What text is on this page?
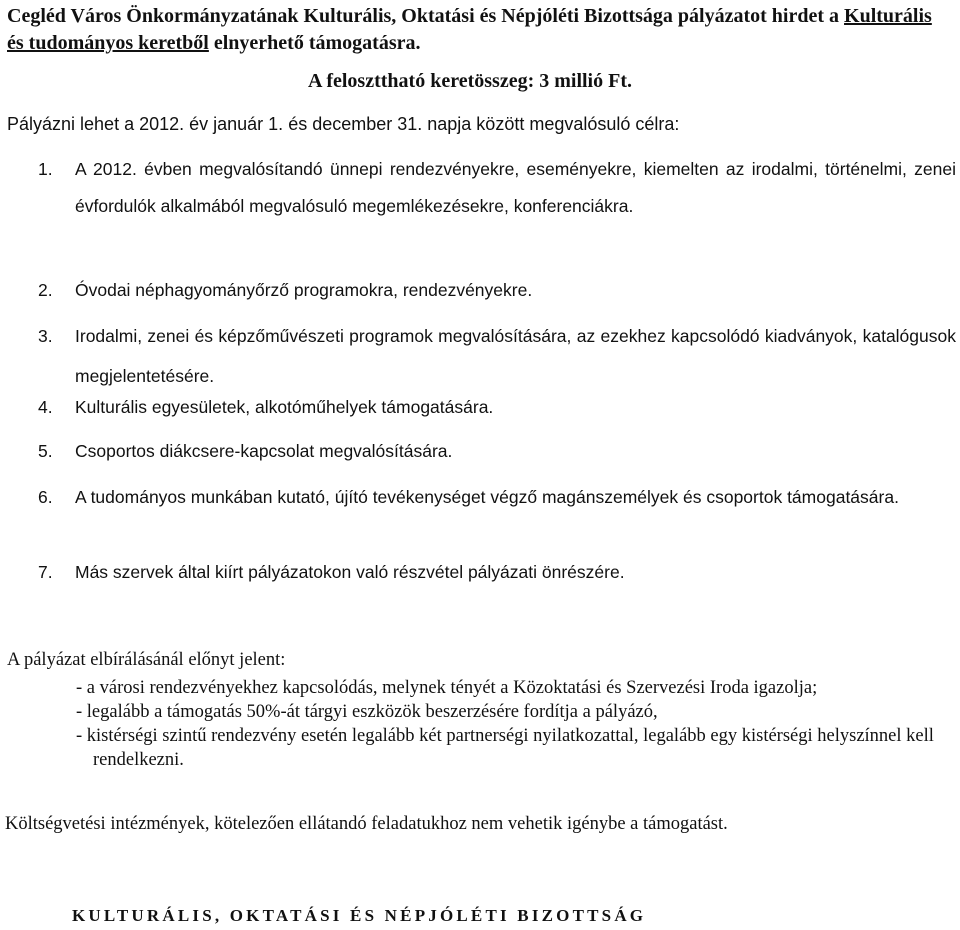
Cegléd Város Önkormányzatának Kulturális, Oktatási és Népjóléti Bizottsága pályázatot hirdet a Kulturális és tudományos keretből elnyerhető támogatásra.

A feloszttható keretösszeg: 3 millió Ft.

Pályázni lehet a 2012. év január 1. és december 31. napja között megvalósuló célra:

1.	A 2012. évben megvalósítandó ünnepi rendezvényekre, eseményekre, kiemelten az irodalmi, történelmi, zenei évfordulók alkalmából megvalósuló megemlékezésekre, konferenciákra.
2.	Óvodai néphagyományőrző programokra, rendezvényekre.
3.	Irodalmi, zenei és képzőművészeti programok megvalósítására, az ezekhez kapcsolódó kiadványok, katalógusok megjelentetésére.
4.	Kulturális egyesületek, alkotóműhelyek támogatására.
5.	Csoportos diákcsere-kapcsolat megvalósítására.
6.	A tudományos munkában kutató, újító tevékenységet végző magánszemélyek és csoportok támogatására.
7.	Más szervek által kiírt pályázatokon való részvétel pályázati önrészére.

A pályázat elbírálásánál előnyt jelent:

- a városi rendezvényekhez kapcsolódás, melynek tényét a Közoktatási és Szervezési Iroda igazolja;
- legalább a támogatás 50%-át tárgyi eszközök beszerzésére fordítja a pályázó,
- kistérségi szintű rendezvény esetén legalább két partnerségi nyilatkozattal, legalább egy kistérségi helyszínnel kell rendelkezni.

Költségvetési intézmények, kötelezően ellátandó feladatukhoz nem vehetik igénybe a támogatást.

KULTURÁLIS, OKTATÁSI ÉS NÉPJÓLÉTI BIZOTTSÁG
